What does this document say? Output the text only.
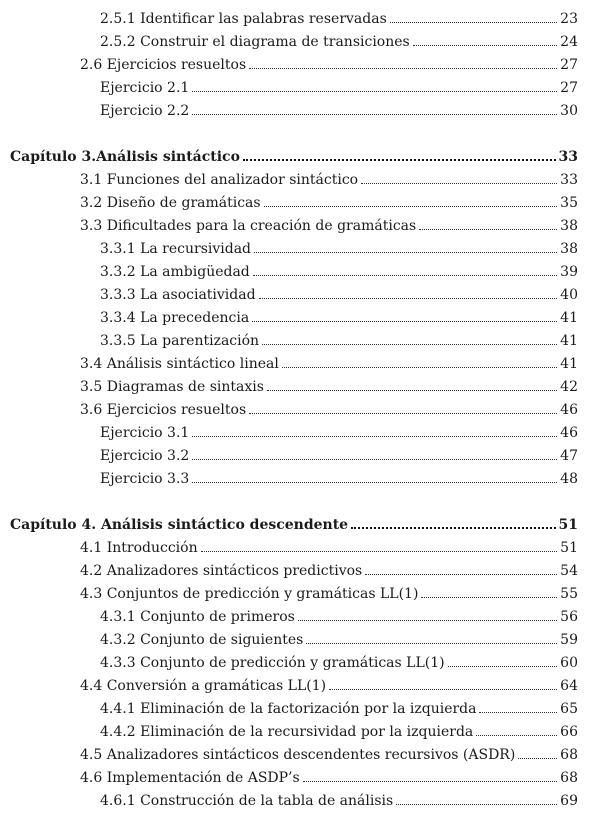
2.5.1 Identificar las palabras reservadas	23
2.5.2 Construir el diagrama de transiciones	24
2.6 Ejercicios resueltos	27
Ejercicio 2.1	27
Ejercicio 2.2	30
Capítulo 3.Análisis sintáctico	33
3.1 Funciones del analizador sintáctico	33
3.2 Diseño de gramáticas	35
3.3 Dificultades para la creación de gramáticas	38
3.3.1 La recursividad	38
3.3.2 La ambigüedad	39
3.3.3 La asociatividad	40
3.3.4 La precedencia	41
3.3.5 La parentización	41
3.4 Análisis sintáctico lineal	41
3.5 Diagramas de sintaxis	42
3.6 Ejercicios resueltos	46
Ejercicio 3.1	46
Ejercicio 3.2	47
Ejercicio 3.3	48
Capítulo 4. Análisis sintáctico descendente	51
4.1 Introducción	51
4.2 Analizadores sintácticos predictivos	54
4.3 Conjuntos de predicción y gramáticas LL(1)	55
4.3.1 Conjunto de primeros	56
4.3.2 Conjunto de siguientes	59
4.3.3 Conjunto de predicción y gramáticas LL(1)	60
4.4 Conversión a gramáticas LL(1)	64
4.4.1 Eliminación de la factorización por la izquierda	65
4.4.2 Eliminación de la recursividad por la izquierda	66
4.5 Analizadores sintácticos descendentes recursivos (ASDR)	68
4.6 Implementación de ASDP’s	68
4.6.1 Construcción de la tabla de análisis	69
